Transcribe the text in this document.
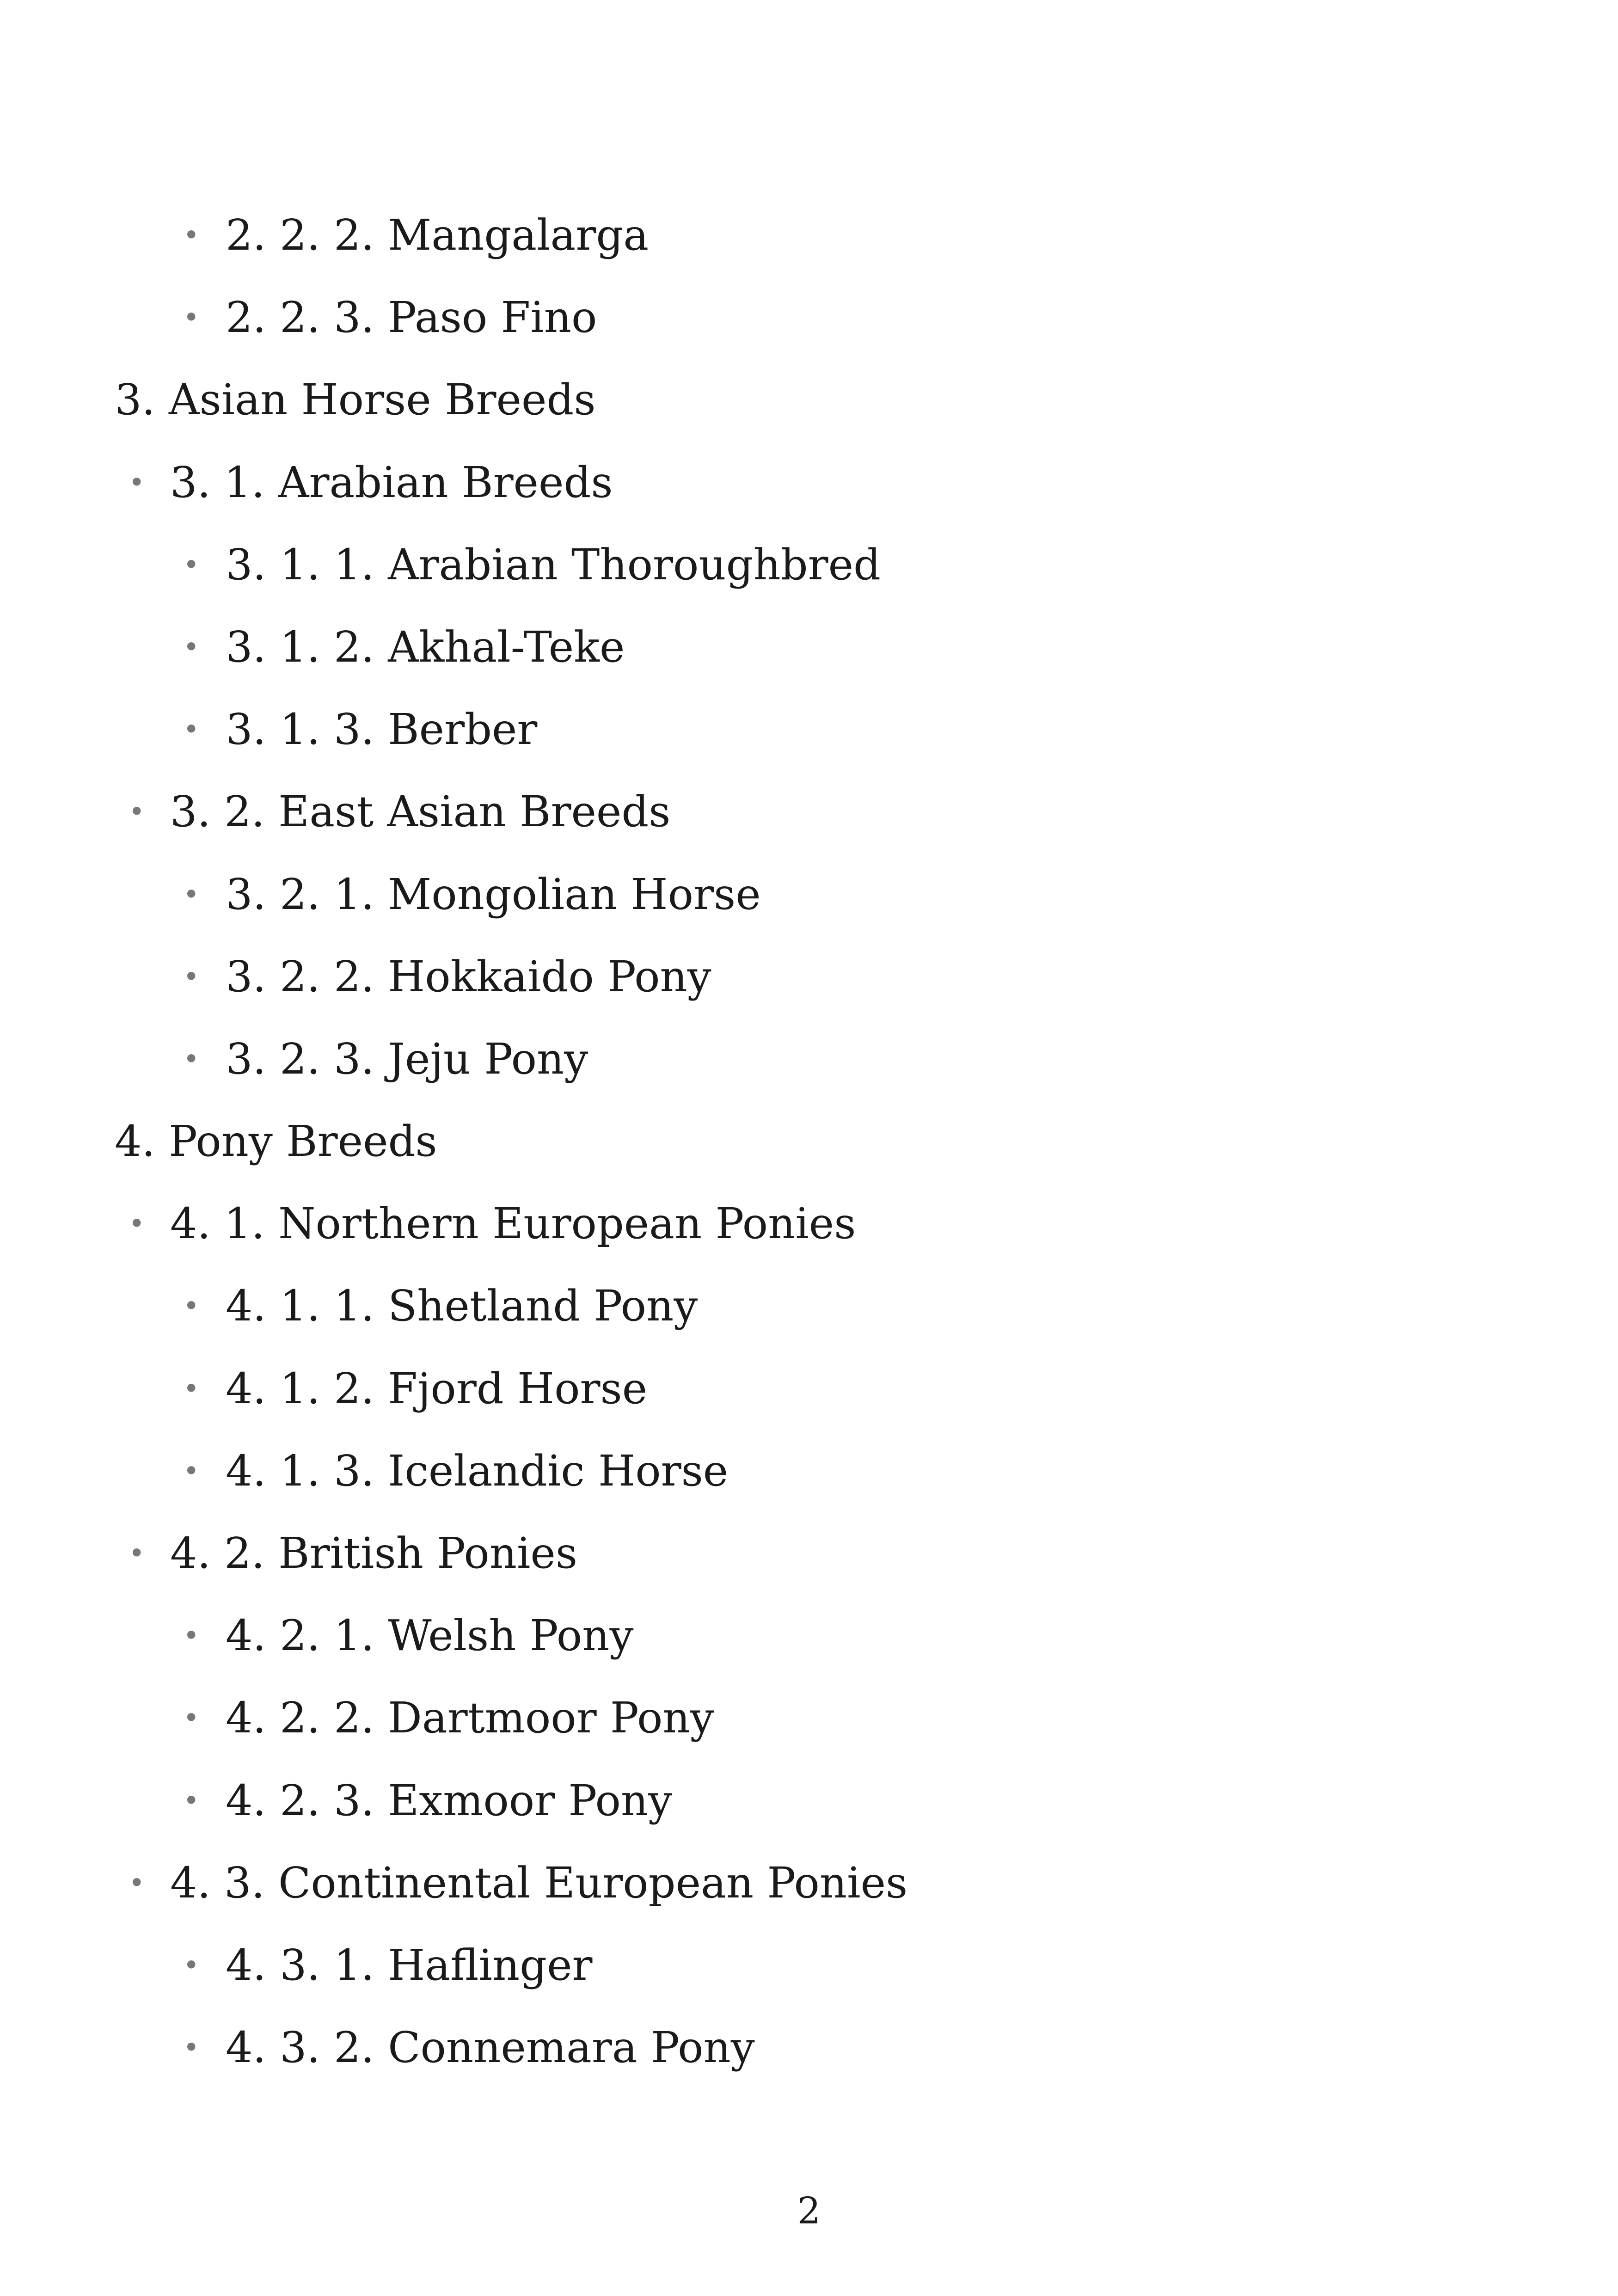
• 2. 2. 2. Mangalarga
• 2. 2. 3. Paso Fino
3. Asian Horse Breeds
• 3. 1. Arabian Breeds
• 3. 1. 1. Arabian Thoroughbred
• 3. 1. 2. Akhal-Teke
• 3. 1. 3. Berber
• 3. 2. East Asian Breeds
• 3. 2. 1. Mongolian Horse
• 3. 2. 2. Hokkaido Pony
• 3. 2. 3. Jeju Pony
4. Pony Breeds
• 4. 1. Northern European Ponies
• 4. 1. 1. Shetland Pony
• 4. 1. 2. Fjord Horse
• 4. 1. 3. Icelandic Horse
• 4. 2. British Ponies
• 4. 2. 1. Welsh Pony
• 4. 2. 2. Dartmoor Pony
• 4. 2. 3. Exmoor Pony
• 4. 3. Continental European Ponies
• 4. 3. 1. Haflinger
• 4. 3. 2. Connemara Pony
2
